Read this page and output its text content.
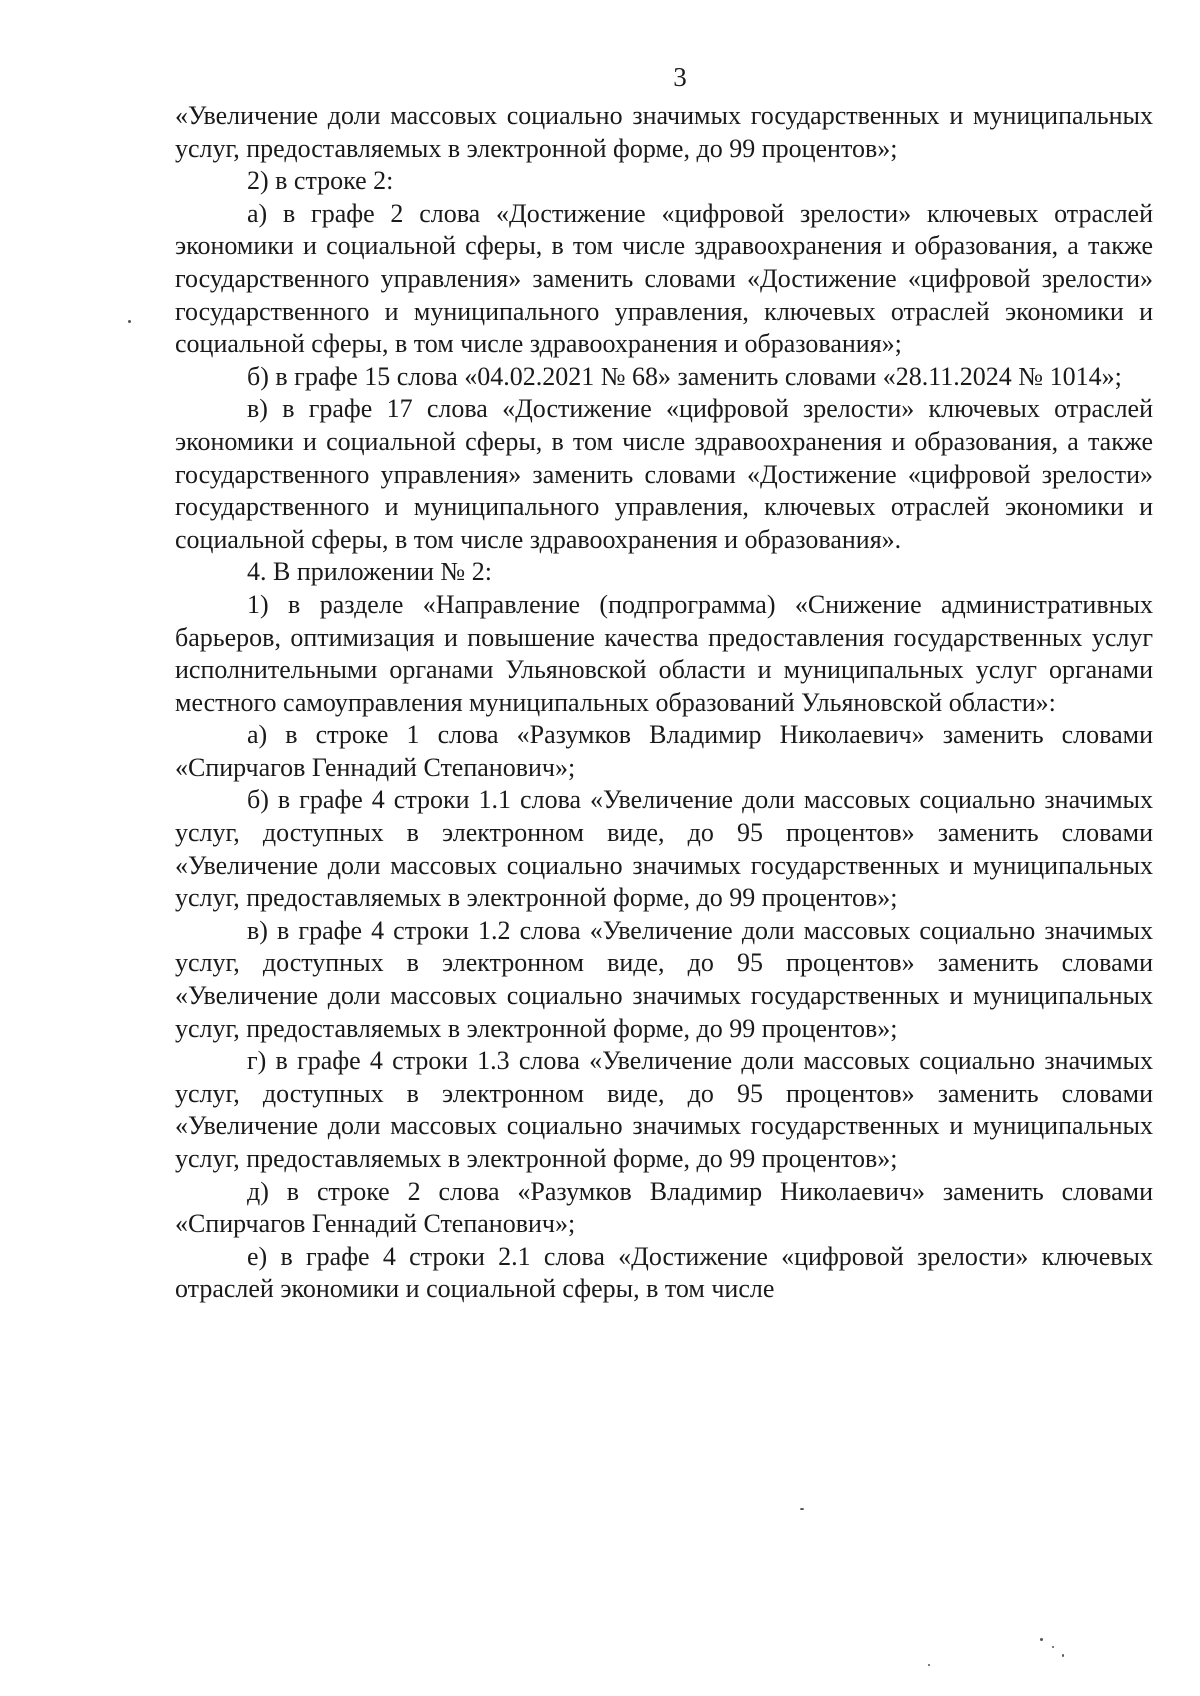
3

«Увеличение доли массовых социально значимых государственных и муниципальных услуг, предоставляемых в электронной форме, до 99 процентов»;

2) в строке 2:

а) в графе 2 слова «Достижение «цифровой зрелости» ключевых отраслей экономики и социальной сферы, в том числе здравоохранения и образования, а также государственного управления» заменить словами «Достижение «цифровой зрелости» государственного и муниципального управления, ключевых отраслей экономики и социальной сферы, в том числе здравоохранения и образования»;

б) в графе 15 слова «04.02.2021 № 68» заменить словами «28.11.2024 № 1014»;

в) в графе 17 слова «Достижение «цифровой зрелости» ключевых отраслей экономики и социальной сферы, в том числе здравоохранения и образования, а также государственного управления» заменить словами «Достижение «цифровой зрелости» государственного и муниципального управления, ключевых отраслей экономики и социальной сферы, в том числе здравоохранения и образования».

4. В приложении № 2:

1) в разделе «Направление (подпрограмма) «Снижение административных барьеров, оптимизация и повышение качества предоставления государственных услуг исполнительными органами Ульяновской области и муниципальных услуг органами местного самоуправления муниципальных образований Ульяновской области»:

а) в строке 1 слова «Разумков Владимир Николаевич» заменить словами «Спирчагов Геннадий Степанович»;

б) в графе 4 строки 1.1 слова «Увеличение доли массовых социально значимых услуг, доступных в электронном виде, до 95 процентов» заменить словами «Увеличение доли массовых социально значимых государственных и муниципальных услуг, предоставляемых в электронной форме, до 99 процентов»;

в) в графе 4 строки 1.2 слова «Увеличение доли массовых социально значимых услуг, доступных в электронном виде, до 95 процентов» заменить словами «Увеличение доли массовых социально значимых государственных и муниципальных услуг, предоставляемых в электронной форме, до 99 процентов»;

г) в графе 4 строки 1.3 слова «Увеличение доли массовых социально значимых услуг, доступных в электронном виде, до 95 процентов» заменить словами «Увеличение доли массовых социально значимых государственных и муниципальных услуг, предоставляемых в электронной форме, до 99 процентов»;

д) в строке 2 слова «Разумков Владимир Николаевич» заменить словами «Спирчагов Геннадий Степанович»;

е) в графе 4 строки 2.1 слова «Достижение «цифровой зрелости» ключевых отраслей экономики и социальной сферы, в том числе
